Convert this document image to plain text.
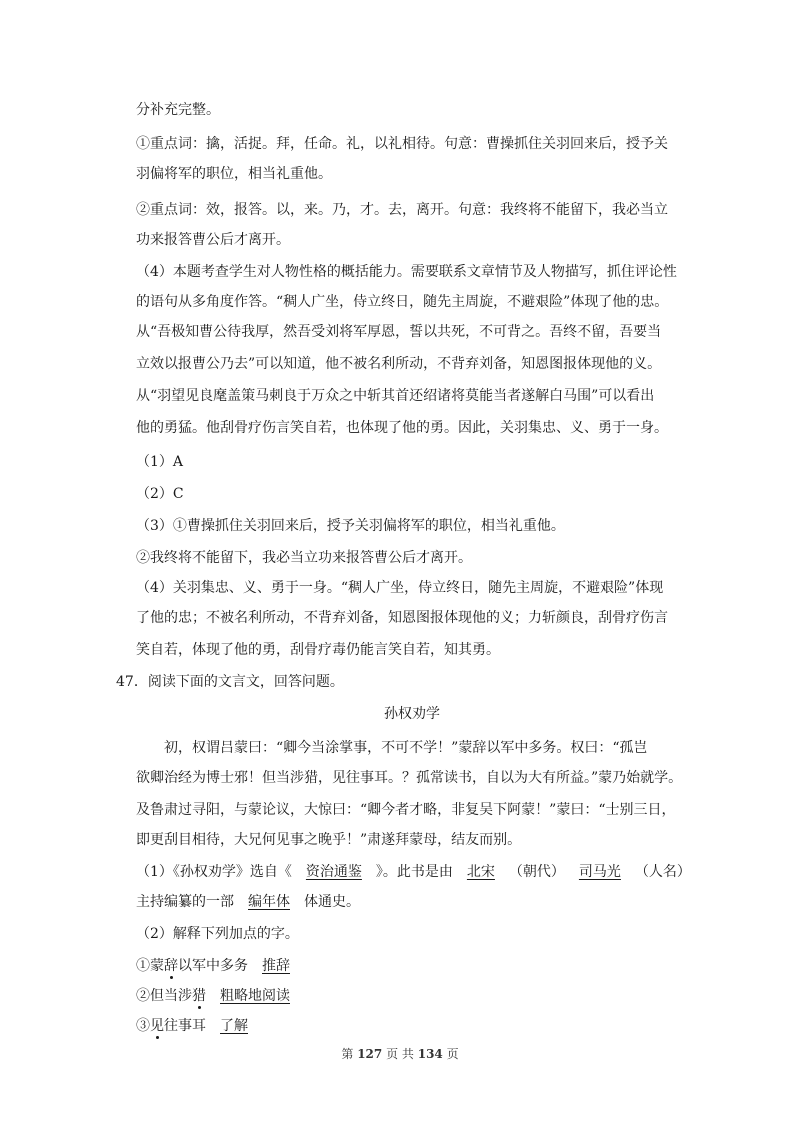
分补充完整。
①重点词：擒，活捉。拜，任命。礼，以礼相待。句意：曹操抓住关羽回来后，授予关
羽偏将军的职位，相当礼重他。
②重点词：效，报答。以，来。乃，才。去，离开。句意：我终将不能留下，我必当立
功来报答曹公后才离开。
（4）本题考查学生对人物性格的概括能力。需要联系文章情节及人物描写，抓住评论性
的语句从多角度作答。“稠人广坐，侍立终日，随先主周旋，不避艰险”体现了他的忠。
从“吾极知曹公待我厚，然吾受刘将军厚恩，誓以共死，不可背之。吾终不留，吾要当
立效以报曹公乃去”可以知道，他不被名利所动，不背弃刘备，知恩图报体现他的义。
从“羽望见良麾盖策马刺良于万众之中斩其首还绍诸将莫能当者遂解白马围”可以看出
他的勇猛。他刮骨疗伤言笑自若，也体现了他的勇。因此，关羽集忠、义、勇于一身。
（1）A
（2）C
（3）①曹操抓住关羽回来后，授予关羽偏将军的职位，相当礼重他。
②我终将不能留下，我必当立功来报答曹公后才离开。
（4）关羽集忠、义、勇于一身。“稠人广坐，侍立终日，随先主周旋，不避艰险”体现
了他的忠；不被名利所动，不背弃刘备，知恩图报体现他的义；力斩颜良，刮骨疗伤言
笑自若，体现了他的勇，刮骨疗毒仍能言笑自若，知其勇。
47．阅读下面的文言文，回答问题。
孙权劝学
初，权谓吕蒙曰：“卿今当涂掌事，不可不学！”蒙辞以军中多务。权曰：“孤岂
欲卿治经为博士邪！但当涉猎，见往事耳。？孤常读书，自以为大有所益。”蒙乃始就学。
及鲁肃过寻阳，与蒙论议，大惊曰：“卿今者才略，非复吴下阿蒙！”蒙曰：“士别三日，
即更刮目相待，大兄何见事之晚乎！”肃遂拜蒙母，结友而别。
（1）《孙权劝学》选自《 资治通鉴 》。此书是由 北宋 （朝代） 司马光 （人名）
主持编纂的一部 编年体 体通史。
（2）解释下列加点的字。
①蒙辞以军中多务 推辞
②但当涉猎 粗略地阅读
③见往事耳 了解
第 127 页 共 134 页
